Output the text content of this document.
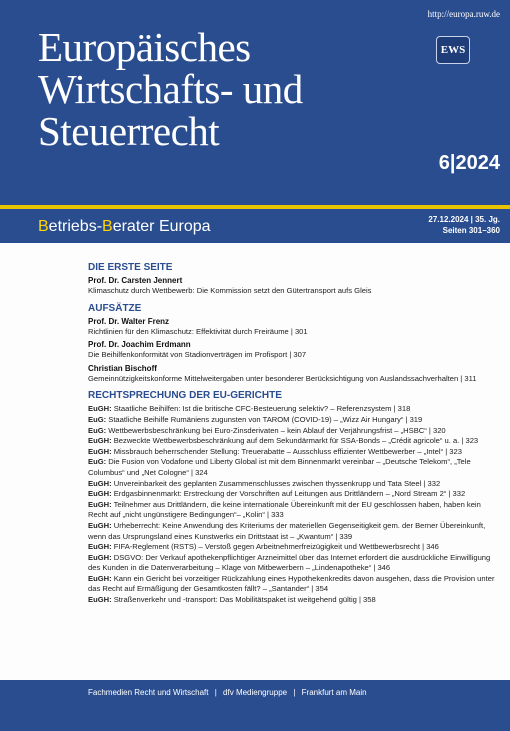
http://europa.ruw.de
Europäisches
Wirtschafts- und
Steuerrecht
EWS
6|2024
Betriebs-Berater Europa	27.12.2024 | 35. Jg.
Seiten 301–360
DIE ERSTE SEITE
Prof. Dr. Carsten Jennert
Klimaschutz durch Wettbewerb: Die Kommission setzt den Gütertransport aufs Gleis
AUFSÄTZE
Prof. Dr. Walter Frenz
Richtlinien für den Klimaschutz: Effektivität durch Freiräume | 301
Prof. Dr. Joachim Erdmann
Die Beihilfenkonformität von Stadionverträgen im Profisport | 307
Christian Bischoff
Gemeinnützigkeitskonforme Mittelweitergaben unter besonderer Berücksichtigung von Auslandssachverhalten | 311
RECHTSPRECHUNG DER EU-GERICHTE
EuGH: Staatliche Beihilfen: Ist die britische CFC-Besteuerung selektiv? – Referenzsystem | 318
EuG: Staatliche Beihilfe Rumäniens zugunsten von TAROM (COVID-19) – „Wizz Air Hungary“ | 319
EuG: Wettbewerbsbeschränkung bei Euro-Zinsderivaten – kein Ablauf der Verjährungsfrist – „HSBC“ | 320
EuGH: Bezweckte Wettbewerbsbeschränkung auf dem Sekundärmarkt für SSA-Bonds – „Crédit agricole“ u. a. | 323
EuGH: Missbrauch beherrschender Stellung: Treuerabatte – Ausschluss effizienter Wettbewerber – „Intel“ | 323
EuG: Die Fusion von Vodafone und Liberty Global ist mit dem Binnenmarkt vereinbar – „Deutsche Telekom“, „Tele Columbus“ und „Net Cologne“ | 324
EuGH: Unvereinbarkeit des geplanten Zusammenschlusses zwischen thyssenkrupp und Tata Steel | 332
EuGH: Erdgasbinnenmarkt: Erstreckung der Vorschriften auf Leitungen aus Drittländern – „Nord Stream 2“ | 332
EuGH: Teilnehmer aus Drittländern, die keine internationale Übereinkunft mit der EU geschlossen haben, haben kein Recht auf „nicht ungünstigere Bedingungen“– „Kolin“ | 333
EuGH: Urheberrecht: Keine Anwendung des Kriteriums der materiellen Gegenseitigkeit gem. der Berner Übereinkunft, wenn das Ursprungsland eines Kunstwerks ein Drittstaat ist – „Kwantum“ | 339
EuGH: FIFA-Reglement (RSTS) – Verstoß gegen Arbeitnehmerfreizügigkeit und Wettbewerbsrecht | 346
EuGH: DSGVO: Der Verkauf apothekenpflichtiger Arzneimittel über das Internet erfordert die ausdrückliche Einwilligung des Kunden in die Datenverarbeitung – Klage von Mitbewerbern – „Lindenapotheke“ | 346
EuGH: Kann ein Gericht bei vorzeitiger Rückzahlung eines Hypothekenkredits davon ausgehen, dass die Provision unter das Recht auf Ermäßigung der Gesamtkosten fällt? – „Santander“ | 354
EuGH: Straßenverkehr und -transport: Das Mobilitätspaket ist weitgehend gültig | 358
Fachmedien Recht und Wirtschaft | dfv Mediengruppe | Frankfurt am Main
